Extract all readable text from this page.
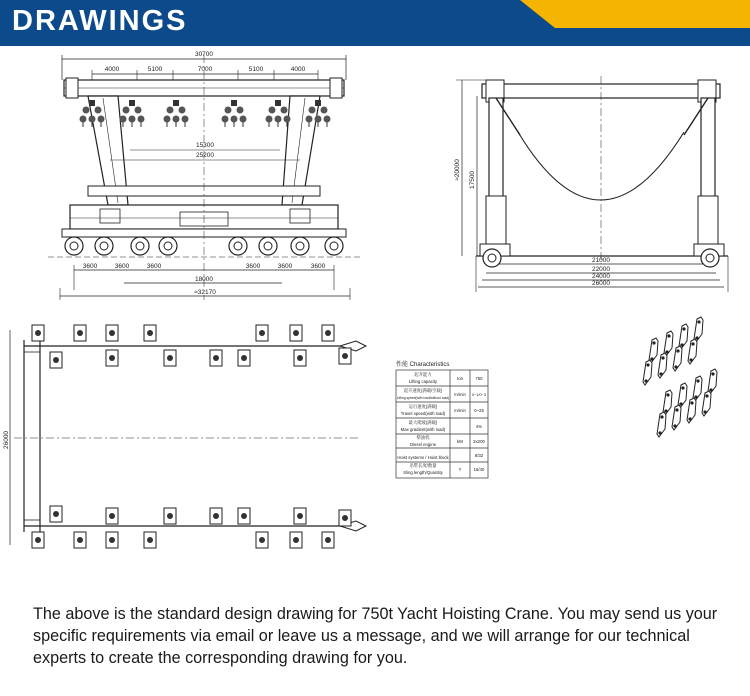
DRAWINGS
30700
4000	5100	7000	5100	4000
15300
25200
3600	3600	3600	3600	3600	3600
18000
≈32170
21000
22000
24000
26000
≈20000 17500
26000
性能 Characteristics
起升能力
Lifting capacity
ton	750
起升速度(满载/空载)
Lifting speed(with load/without load)
m/min 0~1/0~3
运行速度(满载)
Travel speed(with load)
m/min 0~25
最大爬坡(满载)
Max gradient(with load)
4%
柴油机
Diesel engine
kW 2x200
Hoist systems / Hoist block	8/32
吊带长度/数量
Sling length/Quantity
Y	16/40
The above is the standard design drawing for 750t Yacht Hoisting Crane. You may send us your specific requirements via email or leave us a message, and we will arrange for our technical experts to create the corresponding drawing for you.
